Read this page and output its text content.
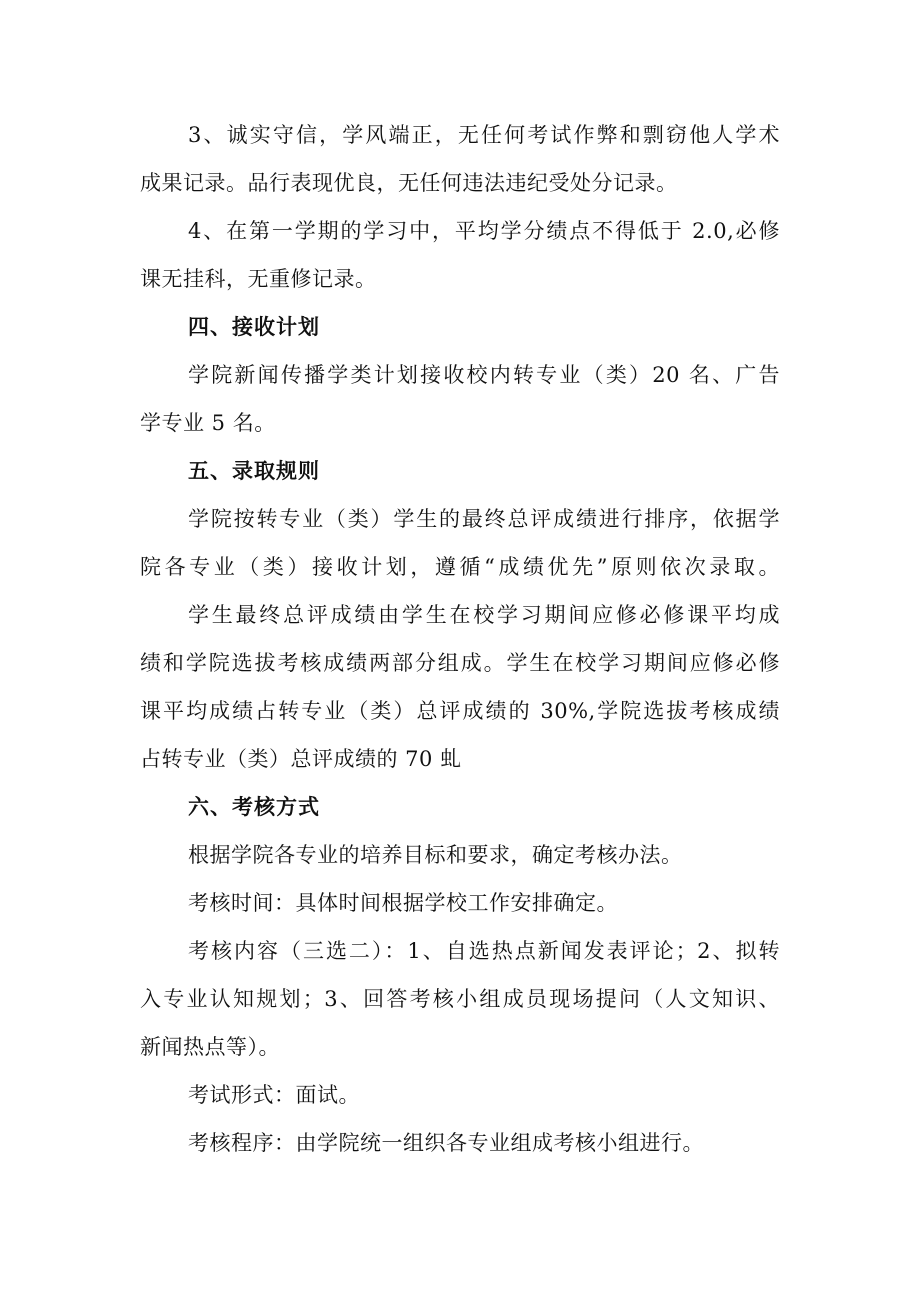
3、诚实守信，学风端正，无任何考试作弊和剽窃他人学术
成果记录。品行表现优良，无任何违法违纪受处分记录。
4、在第一学期的学习中，平均学分绩点不得低于 2.0,必修
课无挂科，无重修记录。
四、接收计划
学院新闻传播学类计划接收校内转专业（类）20 名、广告
学专业 5 名。
五、录取规则
学院按转专业（类）学生的最终总评成绩进行排序，依据学
院各专业（类）接收计划，遵循“成绩优先”原则依次录取。
学生最终总评成绩由学生在校学习期间应修必修课平均成
绩和学院选拔考核成绩两部分组成。学生在校学习期间应修必修
课平均成绩占转专业（类）总评成绩的 30%,学院选拔考核成绩
占转专业（类）总评成绩的 70 虬
六、考核方式
根据学院各专业的培养目标和要求，确定考核办法。
考核时间：具体时间根据学校工作安排确定。
考核内容（三选二）：1、自选热点新闻发表评论；2、拟转
入专业认知规划；3、回答考核小组成员现场提问（人文知识、
新闻热点等）。
考试形式：面试。
考核程序：由学院统一组织各专业组成考核小组进行。
